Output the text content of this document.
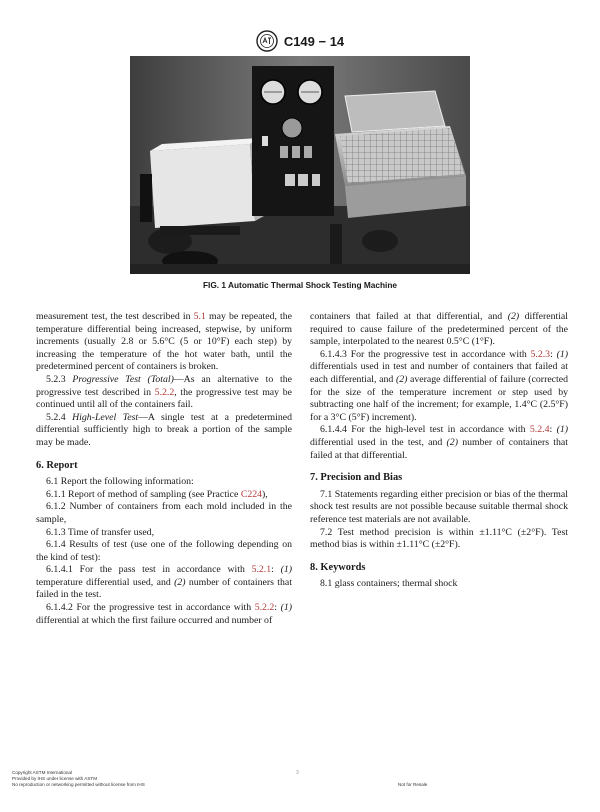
C149 − 14
FIG. 1 Automatic Thermal Shock Testing Machine

measurement test, the test described in 5.1 may be repeated, the temperature differential being increased, stepwise, by uniform increments (usually 2.8 or 5.6°C (5 or 10°F) each step) by increasing the temperature of the hot water bath, until the predetermined percent of containers is broken.

5.2.3 Progressive Test (Total)—As an alternative to the progressive test described in 5.2.2, the progressive test may be continued until all of the containers fail.

5.2.4 High-Level Test—A single test at a predetermined differential sufficiently high to break a portion of the sample may be made.

6. Report

6.1 Report the following information:

6.1.1 Report of method of sampling (see Practice C224),

6.1.2 Number of containers from each mold included in the sample,

6.1.3 Time of transfer used,

6.1.4 Results of test (use one of the following depending on the kind of test):

6.1.4.1 For the pass test in accordance with 5.2.1: (1) temperature differential used, and (2) number of containers that failed in the test.

6.1.4.2 For the progressive test in accordance with 5.2.2: (1) differential at which the first failure occurred and number of

containers that failed at that differential, and (2) differential required to cause failure of the predetermined percent of the sample, interpolated to the nearest 0.5°C (1°F).

6.1.4.3 For the progressive test in accordance with 5.2.3: (1) differentials used in test and number of containers that failed at each differential, and (2) average differential of failure (corrected for the size of the temperature increment or step used by subtracting one half of the increment; for example, 1.4°C (2.5°F) for a 3°C (5°F) increment).

6.1.4.4 For the high-level test in accordance with 5.2.4: (1) differential used in the test, and (2) number of containers that failed at that differential.

7. Precision and Bias

7.1 Statements regarding either precision or bias of the thermal shock test results are not possible because suitable thermal shock reference test materials are not available.

7.2 Test method precision is within ±1.11°C (±2°F). Test method bias is within ±1.11°C (±2°F).

8. Keywords

8.1 glass containers; thermal shock

Copyright ASTM International
Provided by IHS under license with ASTM
No reproduction or networking permitted without license from IHS
3
Not for Resale
